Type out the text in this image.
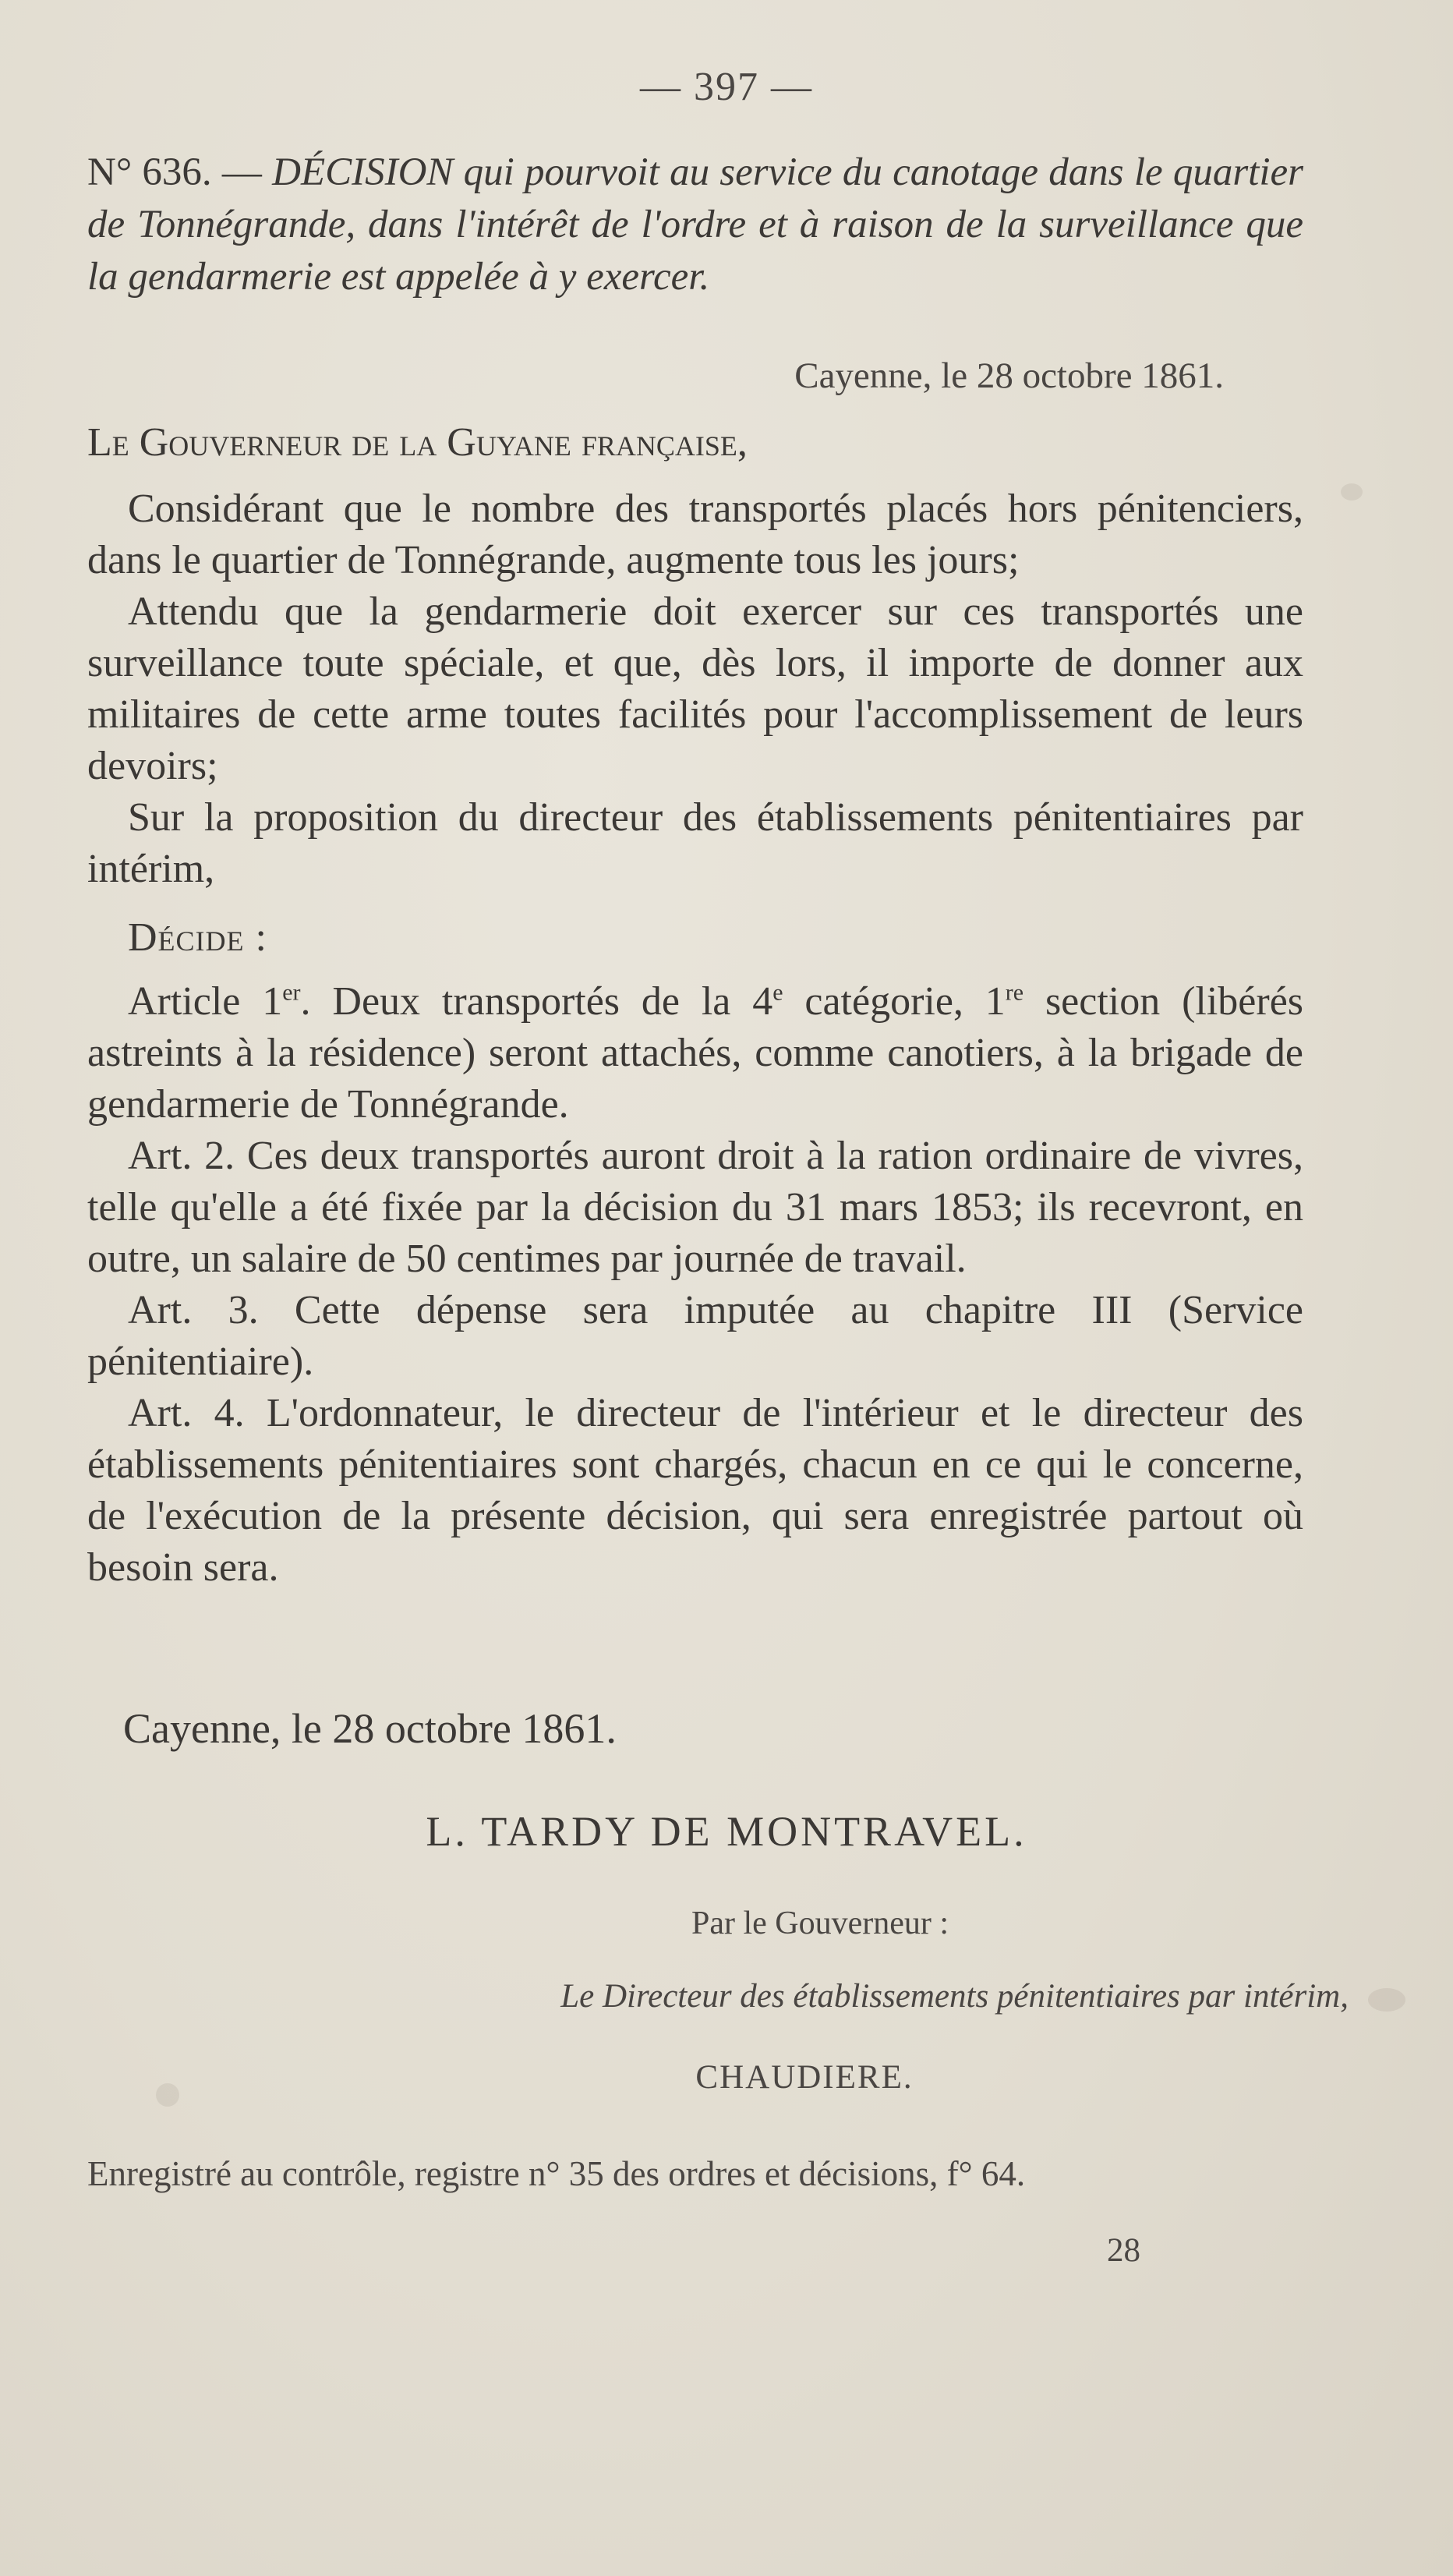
— 397 —
N° 636. — DÉCISION qui pourvoit au service du canotage dans le quartier de Tonnégrande, dans l'intérêt de l'ordre et à raison de la surveillance que la gendarmerie est appelée à y exercer.
Cayenne, le 28 octobre 1861.
Le Gouverneur de la Guyane française,

Considérant que le nombre des transportés placés hors pénitenciers, dans le quartier de Tonnégrande, augmente tous les jours;

Attendu que la gendarmerie doit exercer sur ces transportés une surveillance toute spéciale, et que, dès lors, il importe de donner aux militaires de cette arme toutes facilités pour l'accomplissement de leurs devoirs;

Sur la proposition du directeur des établissements pénitentiaires par intérim,

Décide :

Article 1er. Deux transportés de la 4e catégorie, 1re section (libérés astreints à la résidence) seront attachés, comme canotiers, à la brigade de gendarmerie de Tonnégrande.

Art. 2. Ces deux transportés auront droit à la ration ordinaire de vivres, telle qu'elle a été fixée par la décision du 31 mars 1853; ils recevront, en outre, un salaire de 50 centimes par journée de travail.

Art. 3. Cette dépense sera imputée au chapitre III (Service pénitentiaire).

Art. 4. L'ordonnateur, le directeur de l'intérieur et le directeur des établissements pénitentiaires sont chargés, chacun en ce qui le concerne, de l'exécution de la présente décision, qui sera enregistrée partout où besoin sera.

Cayenne, le 28 octobre 1861.
L. TARDY DE MONTRAVEL.
Par le Gouverneur :
Le Directeur des établissements pénitentiaires par intérim,
CHAUDIERE.
Enregistré au contrôle, registre n° 35 des ordres et décisions, f° 64.
28
